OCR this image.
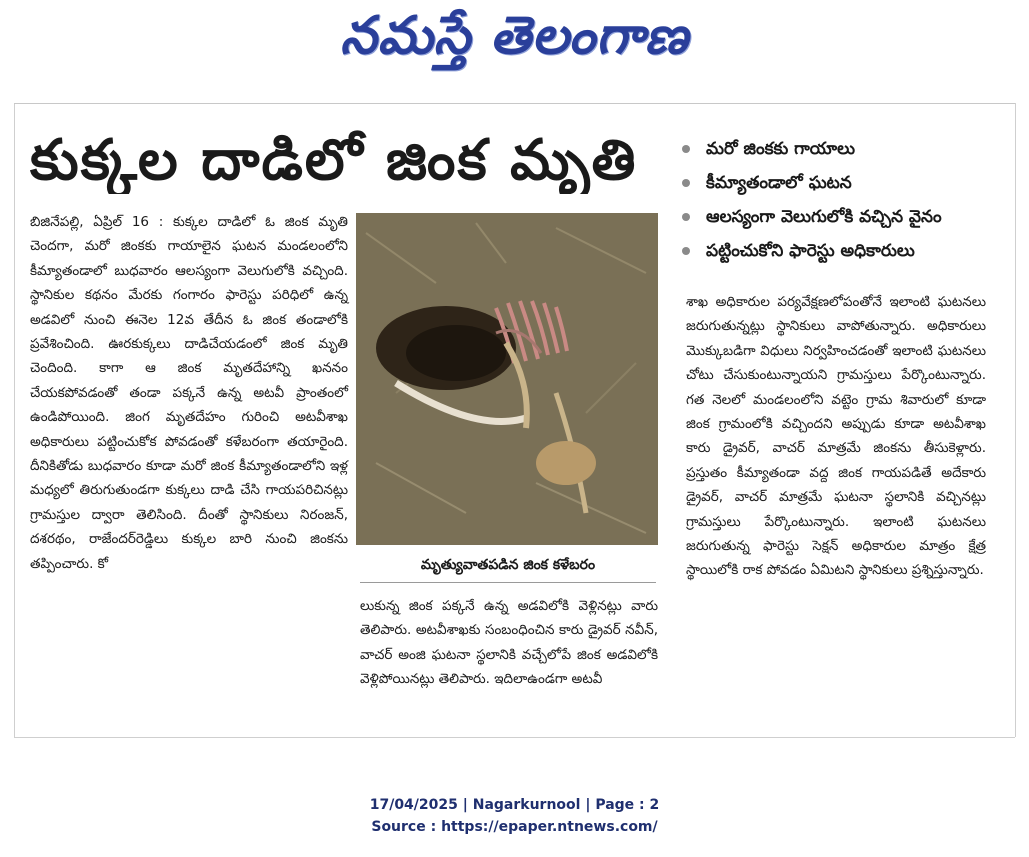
నమస్తే తెలంగాణ
కుక్కల దాడిలో జింక మృతి	మరో జింకకు గాయాలు
కీమ్యాతండాలో ఘటన
ఆలస్యంగా వెలుగులోకి వచ్చిన వైనం
పట్టించుకోని ఫారెస్టు అధికారులు

బిజినేపల్లి, ఏప్రిల్ 16 : కుక్కల దాడిలో ఓ జింక మృతి చెందగా, మరో జింకకు గాయాలైన ఘటన మండలంలోని కీమ్యాతండాలో బుధవారం ఆలస్యంగా వెలుగులోకి వచ్చింది. స్థానికుల కథనం మేరకు గంగారం ఫారెస్టు పరిధిలో ఉన్న అడవిలో నుంచి ఈనెల 12వ తేదీన ఓ జింక తండాలోకి ప్రవేశించింది. ఊరకుక్కలు దాడిచేయడంలో జింక మృతి చెందింది. కాగా ఆ జింక మృతదేహాన్ని ఖననం చేయకపోవడంతో తండా పక్కనే ఉన్న అటవీ ప్రాంతంలో ఉండిపోయింది. జింగ మృతదేహం గురించి అటవీశాఖ అధికారులు పట్టించుకోక పోవడంతో కళేబరంగా తయారైంది. దీనికితోడు బుధవారం కూడా మరో జింక కీమ్యాతండాలోని ఇళ్ల మధ్యలో తిరుగుతుండగా కుక్కలు దాడి చేసి గాయపరిచినట్లు గ్రామస్తుల ద్వారా తెలిసింది. దీంతో స్థానికులు నిరంజన్, దశరథం, రాజేందర్‌రెడ్డిలు కుక్కల బారి నుంచి జింకను తప్పించారు. కో	మృత్యువాతపడిన జింక కళేబరం

లుకున్న జింక పక్కనే ఉన్న అడవిలోకి వెళ్లినట్లు వారు తెలిపారు. అటవీశాఖకు సంబంధించిన కారు డ్రైవర్ నవీన్, వాచర్ అంజి ఘటనా స్థలానికి వచ్చేలోపే జింక అడవిలోకి వెళ్లిపోయినట్లు తెలిపారు. ఇదిలాఉండగా అటవీ

శాఖ అధికారుల పర్యవేక్షణలోపంతోనే ఇలాంటి ఘటనలు జరుగుతున్నట్లు స్థానికులు వాపోతున్నారు. అధికారులు మొక్కుబడిగా విధులు నిర్వహించడంతో ఇలాంటి ఘటనలు చోటు చేసుకుంటున్నాయని గ్రామస్తులు పేర్కొంటున్నారు. గత నెలలో మండలంలోని వట్టెం గ్రామ శివారులో కూడా జింక గ్రామంలోకి వచ్చిందని అప్పుడు కూడా అటవీశాఖ కారు డ్రైవర్, వాచర్ మాత్రమే జింకను తీసుకెళ్లారు. ప్రస్తుతం కీమ్యాతండా వద్ద జింక గాయపడితే అదేకారు డ్రైవర్, వాచర్ మాత్రమే ఘటనా స్థలానికి వచ్చినట్లు గ్రామస్తులు పేర్కొంటున్నారు. ఇలాంటి ఘటనలు జరుగుతున్న ఫారెస్టు సెక్షన్ అధికారుల మాత్రం క్షేత్ర స్థాయిలోకి రాక పోవడం ఏమిటని స్థానికులు ప్రశ్నిస్తున్నారు.

17/04/2025 | Nagarkurnool | Page : 2
Source : https://epaper.ntnews.com/
